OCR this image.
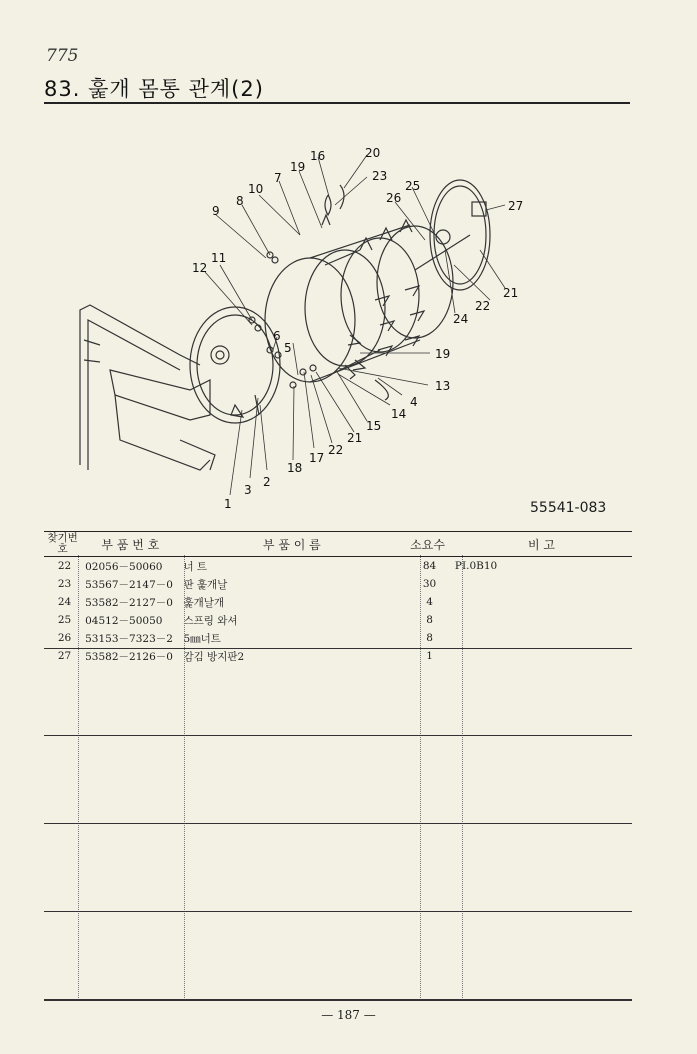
775
83. 훑개 몸통 관계(2)
1
2
3
4
5
6
7
8
9
10
11
12
13
14
15
16
17
18
19
19
20
21
21
22
22
23
24
25
26
27
55541-083
찾기번호	부 품 번 호	부 품 이 름	소요수	비 고
22	02056－50060	너 트	84	PI.0B10
23	53567－2147－0	판 훑개날	30	
24	53582－2127－0	훑개날개	4	
25	04512－50050	스프링 와셔	8	
26	53153－7323－2	5㎜너트	8	
27	53582－2126－0	감김 방지판2	1	
— 187 —
